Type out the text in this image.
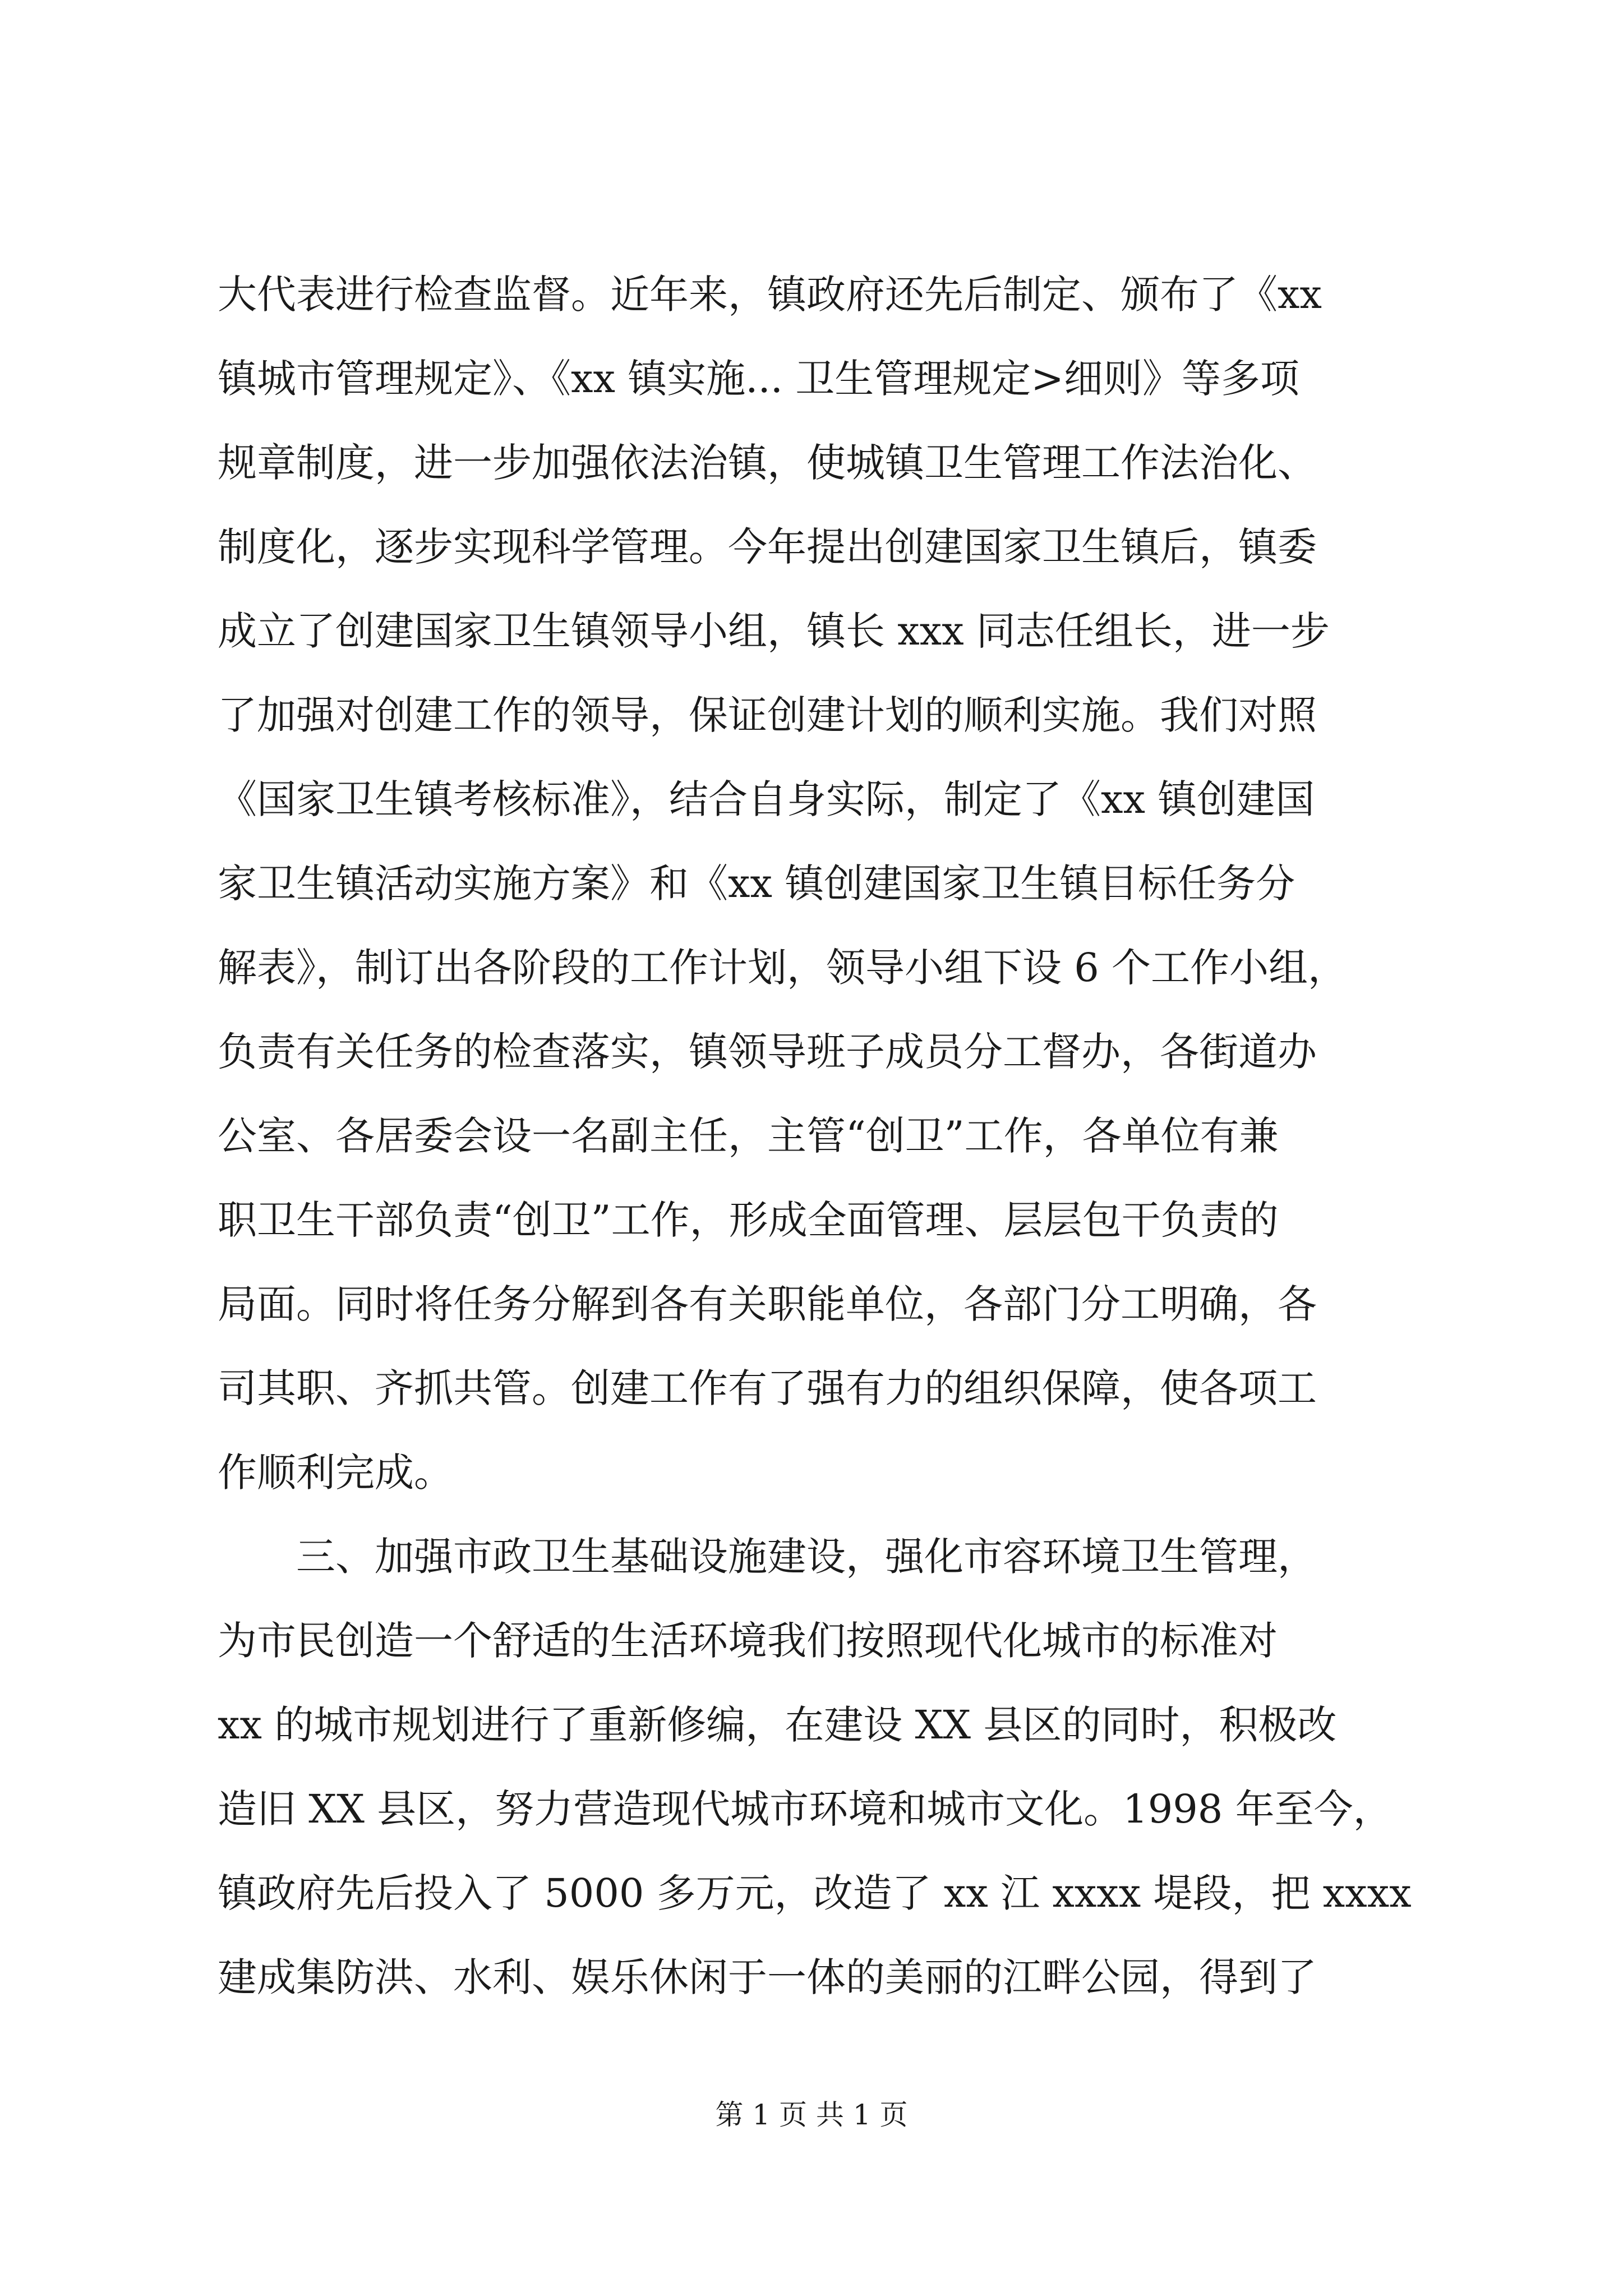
大代表进行检查监督。近年来，镇政府还先后制定、颁布了《xx
镇城市管理规定》、《xx 镇实施... 卫生管理规定>细则》等多项
规章制度，进一步加强依法治镇，使城镇卫生管理工作法治化、
制度化，逐步实现科学管理。今年提出创建国家卫生镇后，镇委
成立了创建国家卫生镇领导小组，镇长 xxx 同志任组长，进一步
了加强对创建工作的领导，保证创建计划的顺利实施。我们对照
《国家卫生镇考核标准》，结合自身实际，制定了《xx 镇创建国
家卫生镇活动实施方案》和《xx 镇创建国家卫生镇目标任务分
解表》，制订出各阶段的工作计划，领导小组下设 6 个工作小组，
负责有关任务的检查落实，镇领导班子成员分工督办，各街道办
公室、各居委会设一名副主任，主管“创卫”工作，各单位有兼
职卫生干部负责“创卫”工作，形成全面管理、层层包干负责的
局面。同时将任务分解到各有关职能单位，各部门分工明确，各
司其职、齐抓共管。创建工作有了强有力的组织保障，使各项工
作顺利完成。
　　三、加强市政卫生基础设施建设，强化市容环境卫生管理，
为市民创造一个舒适的生活环境我们按照现代化城市的标准对
xx 的城市规划进行了重新修编，在建设 XX 县区的同时，积极改
造旧 XX 县区，努力营造现代城市环境和城市文化。1998 年至今，
镇政府先后投入了 5000 多万元，改造了 xx 江 xxxx 堤段，把 xxxx
建成集防洪、水利、娱乐休闲于一体的美丽的江畔公园，得到了
第 1 页 共 1 页
